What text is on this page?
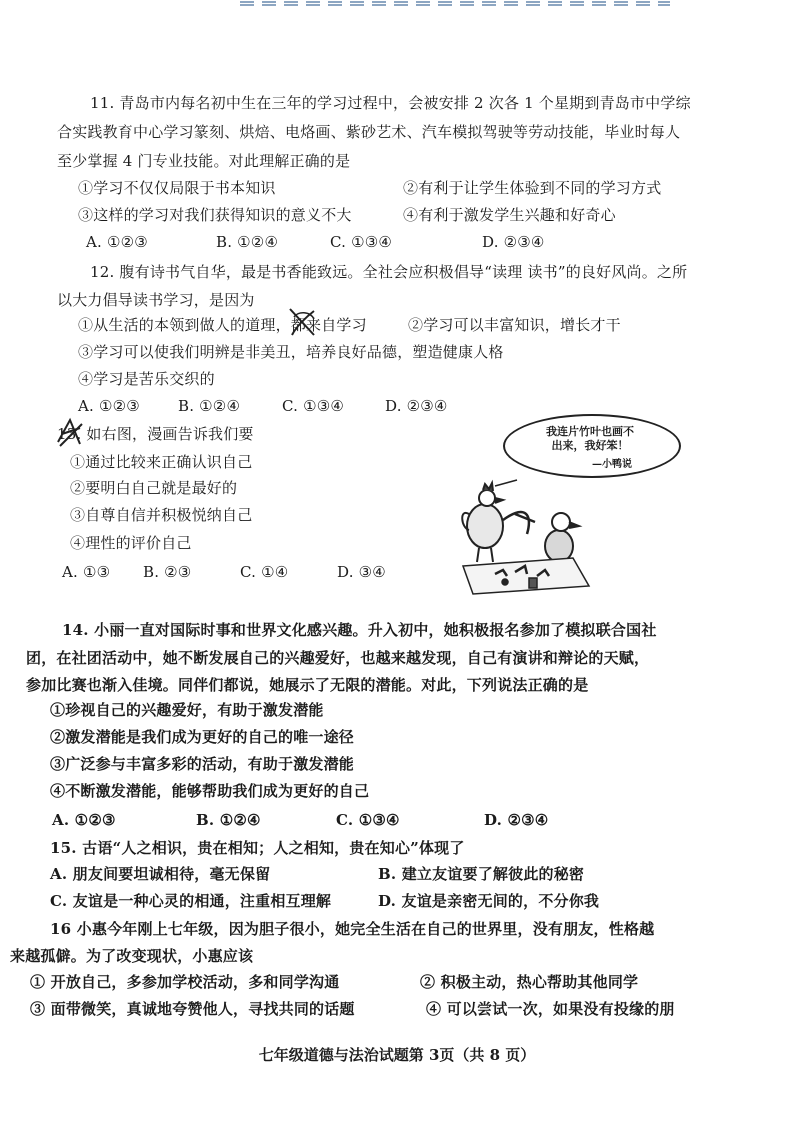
11. 青岛市内每名初中生在三年的学习过程中，会被安排 2 次各 1 个星期到青岛市中学综
合实践教育中心学习篆刻、烘焙、电烙画、紫砂艺术、汽车模拟驾驶等劳动技能，毕业时每人
至少掌握 4 门专业技能。对此理解正确的是
①学习不仅仅局限于书本知识	②有利于让学生体验到不同的学习方式
③这样的学习对我们获得知识的意义不大	④有利于激发学生兴趣和好奇心
A. ①②③	B. ①②④	C. ①③④	D. ②③④
12. 腹有诗书气自华，最是书香能致远。全社会应积极倡导“读理 读书”的良好风尚。之所
以大力倡导读书学习，是因为
①从生活的本领到做人的道理，都来自学习	②学习可以丰富知识，增长才干
③学习可以使我们明辨是非美丑，培养良好品德，塑造健康人格
④学习是苦乐交织的
A. ①②③	B. ①②④	C. ①③④	D. ②③④
13. 如右图，漫画告诉我们要
①通过比较来正确认识自己
②要明白自己就是最好的
③自尊自信并积极悦纳自己
④理性的评价自己
A. ①③ B. ②③	C. ①④	D. ③④
我连片竹叶也画不
出来，我好笨！
—小鸭说
14. 小丽一直对国际时事和世界文化感兴趣。升入初中，她积极报名参加了模拟联合国社
团，在社团活动中，她不断发展自己的兴趣爱好，也越来越发现，自己有演讲和辩论的天赋，
参加比赛也渐入佳境。同伴们都说，她展示了无限的潜能。对此，下列说法正确的是
①珍视自己的兴趣爱好，有助于激发潜能
②激发潜能是我们成为更好的自己的唯一途径
③广泛参与丰富多彩的活动，有助于激发潜能
④不断激发潜能，能够帮助我们成为更好的自己
A. ①②③	B. ①②④	C. ①③④	D. ②③④
15. 古语“人之相识，贵在相知；人之相知，贵在知心”体现了
A. 朋友间要坦诚相待，毫无保留	B. 建立友谊要了解彼此的秘密
C. 友谊是一种心灵的相通，注重相互理解	D. 友谊是亲密无间的，不分你我
16 小惠今年刚上七年级，因为胆子很小，她完全生活在自己的世界里，没有朋友，性格越
来越孤僻。为了改变现状，小惠应该
① 开放自己，多参加学校活动，多和同学沟通	② 积极主动，热心帮助其他同学
③ 面带微笑，真诚地夸赞他人，寻找共同的话题	④ 可以尝试一次，如果没有投缘的朋
七年级道德与法治试题第 3页（共 8 页）
